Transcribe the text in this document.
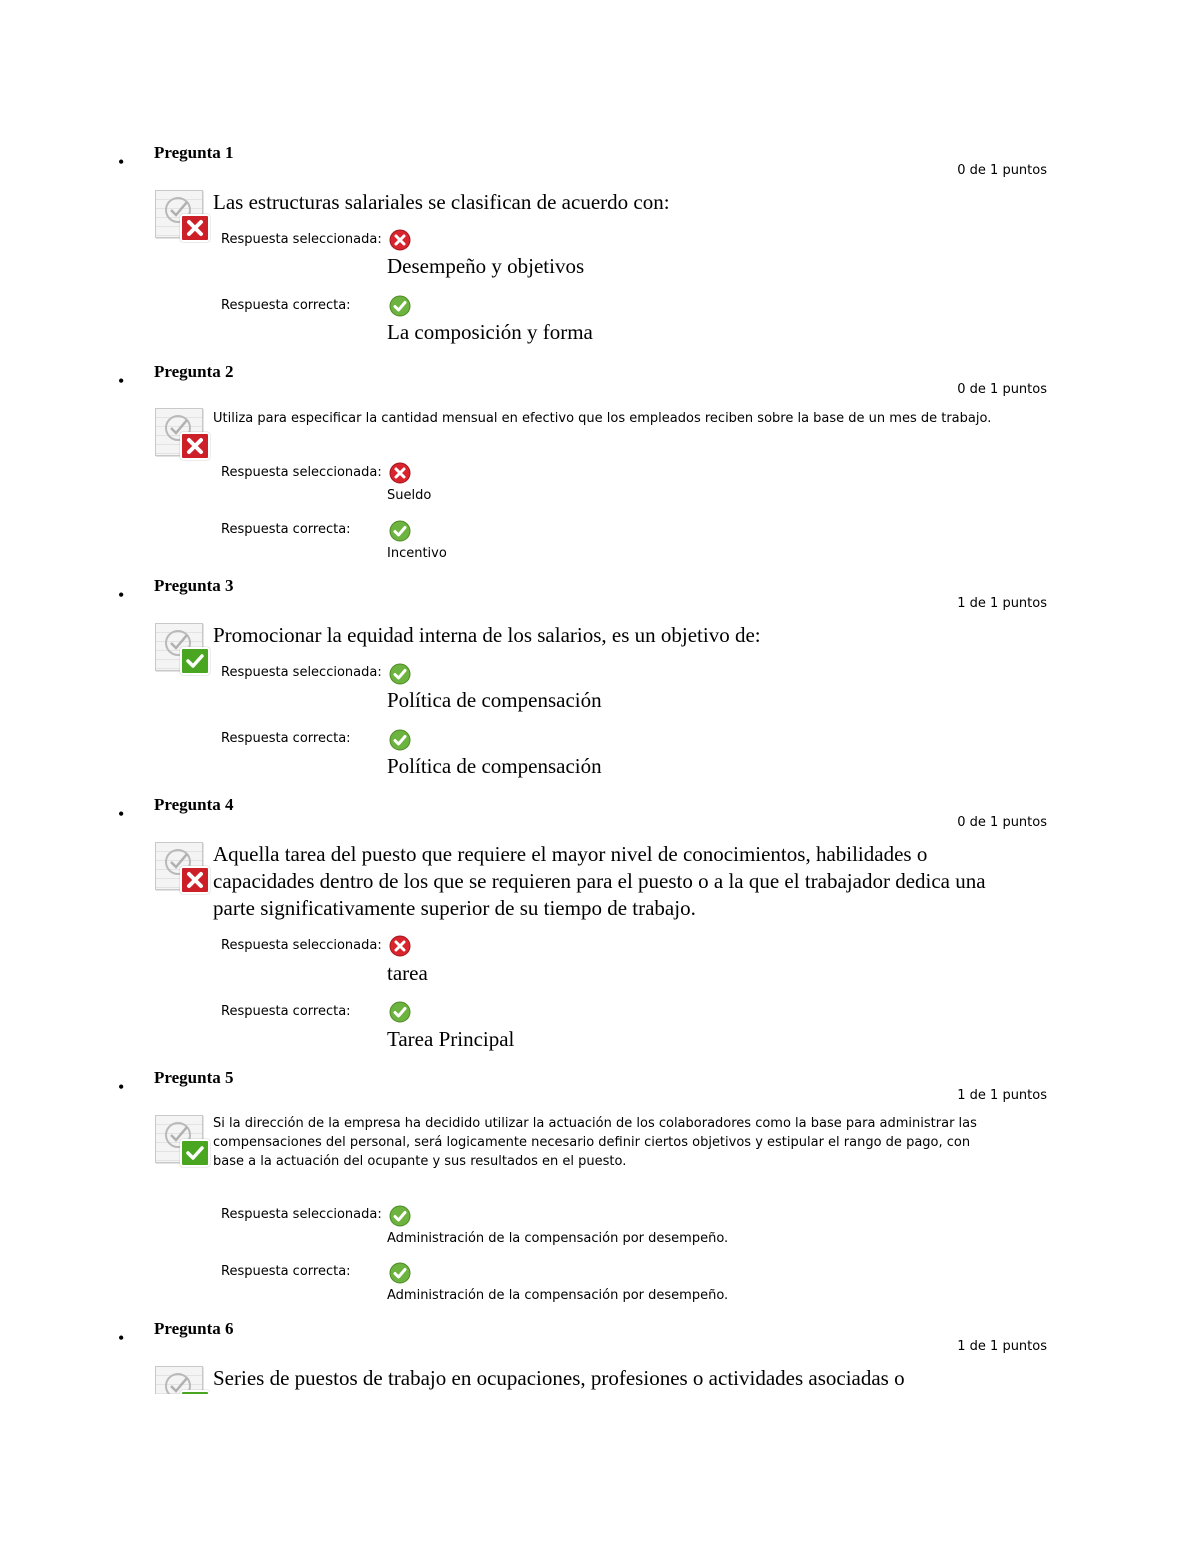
• Pregunta 1
0 de 1 puntos
Las estructuras salariales se clasifican de acuerdo con:
Respuesta seleccionada:
Desempeño y objetivos
Respuesta correcta:
La composición y forma
• Pregunta 2
0 de 1 puntos
Utiliza para especificar la cantidad mensual en efectivo que los empleados reciben sobre la base de un mes de trabajo.
Respuesta seleccionada:
Sueldo
Respuesta correcta:
Incentivo
• Pregunta 3
1 de 1 puntos
Promocionar la equidad interna de los salarios, es un objetivo de:
Respuesta seleccionada:
Política de compensación
Respuesta correcta:
Política de compensación
• Pregunta 4
0 de 1 puntos
Aquella tarea del puesto que requiere el mayor nivel de conocimientos, habilidades o capacidades dentro de los que se requieren para el puesto o a la que el trabajador dedica una parte significativamente superior de su tiempo de trabajo.
Respuesta seleccionada:
tarea
Respuesta correcta:
Tarea Principal
• Pregunta 5
1 de 1 puntos
Si la dirección de la empresa ha decidido utilizar la actuación de los colaboradores como la base para administrar las compensaciones del personal, será logicamente necesario definir ciertos objetivos y estipular el rango de pago, con base a la actuación del ocupante y sus resultados en el puesto.
Respuesta seleccionada:
Administración de la compensación por desempeño.
Respuesta correcta:
Administración de la compensación por desempeño.
• Pregunta 6
1 de 1 puntos
Series de puestos de trabajo en ocupaciones, profesiones o actividades asociadas o
